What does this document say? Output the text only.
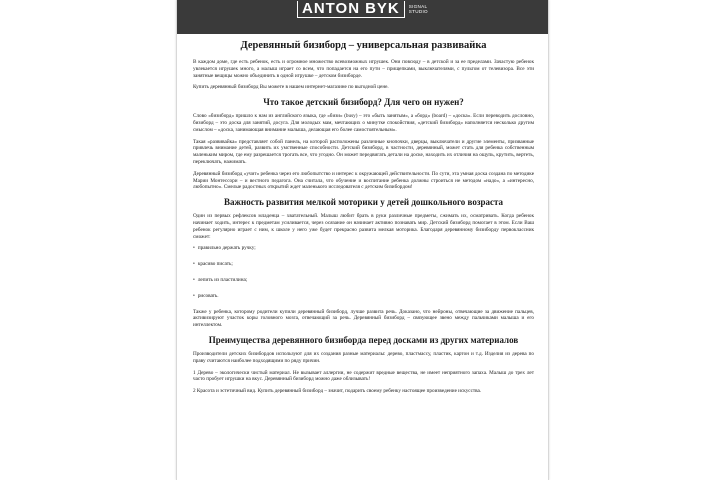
ANTON BYK SIGNAL
STUDIO
Деревянный бизиборд – универсальная развивайка

В каждом доме, где есть ребенок, есть и огромное множество всевозможных игрушек. Они повсюду – в детской и за ее пределами. Зачастую ребенок увлекается игрушек много, а малыш играет со всем, что попадается на его пути – прищепками, выключателями, с пультом от телевизора. Все эти занятные вещицы можно объединить в одной игрушке – детском бизиборде.

Купить деревянный бизиборд Вы можете в нашем интернет-магазине по выгодной цене.

Что такое детский бизиборд? Для чего он нужен?

Слово «бизиборд» пришло к нам из английского языка, где «бизи» (busy) – это «быть занятым», а «борд» (board) – «доска». Если переводить дословно, бизиборд – это доска для занятий, досуга. Для молодых мам, мечтающих о минутке спокойствия, «детский бизиборд» наполняется несколько другим смыслом – «доска, занимающая внимание малыша, делающая его более самостоятельным».

Такая «развивайка» представляет собой панель, на которой расположены различные кнопочки, дверцы, выключатели и другие элементы, призванные привлечь внимание детей, развить их умственные способности. Детский бизиборд, в частности, деревянный, может стать для ребенка собственным маленьким миром, где ему разрешается трогать все, что угодно. Он может передвигать детали на доске, находить их отличия на ощупь, крутить, вертеть, переключать, нажимать.

Деревянный бизиборд «учит» ребенка через его любопытство и интерес к окружающей действительности. По сути, эта умная доска создана по методике Марии Монтессори – и вестного педагога. Она считала, что обучение и воспитание ребенка должны строиться не методом «надо», а «интересно, любопытно». Смелые радостных открытий ждет маленького исследователя с детским бизибордом!

Важность развития мелкой моторики у детей дошкольного возраста

Один из первых рефлексов младенца – хватательный. Малыш любит брать в руки различные предметы, сжимать их, осматривать. Когда ребенок начинает ходить, интерес к предметам усиливается, через осязание он начинает активно познавать мир. Детский бизиборд помогает в этом. Если Ваш ребенок регулярно играет с ним, к школе у него уже будет прекрасно развита мелкая моторика. Благодаря деревянному бизиборду первоклассник сможет:

• правильно держать ручку;
• красиво писать;
• лепить из пластилина;
• рисовать.

Также у ребенка, которому родители купили деревянный бизиборд, лучше развита речь. Доказано, что нейроны, отвечающие за движение пальцев, активизируют участок коры головного мозга, отвечающий за речь. Деревянный бизиборд – связующее звено между пальчиками малыша и его интеллектом.

Преимущества деревянного бизиборда перед досками из других материалов

Производители детских бизибордов используют для их создания разные материалы: дерево, пластмассу, пластик, картон и т.д. Изделия из дерева по праву считаются наиболее подходящими по ряду причин.

1 Дерево – экологически чистый материал. Не вызывает аллергии, не содержит вредные вещества, не имеет неприятного запаха. Малыш до трех лет часто пробует игрушки на вкус. Деревянный бизиборд можно даже облизывать!

2 Красота и эстетичный вид. Купить деревянный бизиборд – значит, подарить своему ребенку настоящее произведение искусства.
